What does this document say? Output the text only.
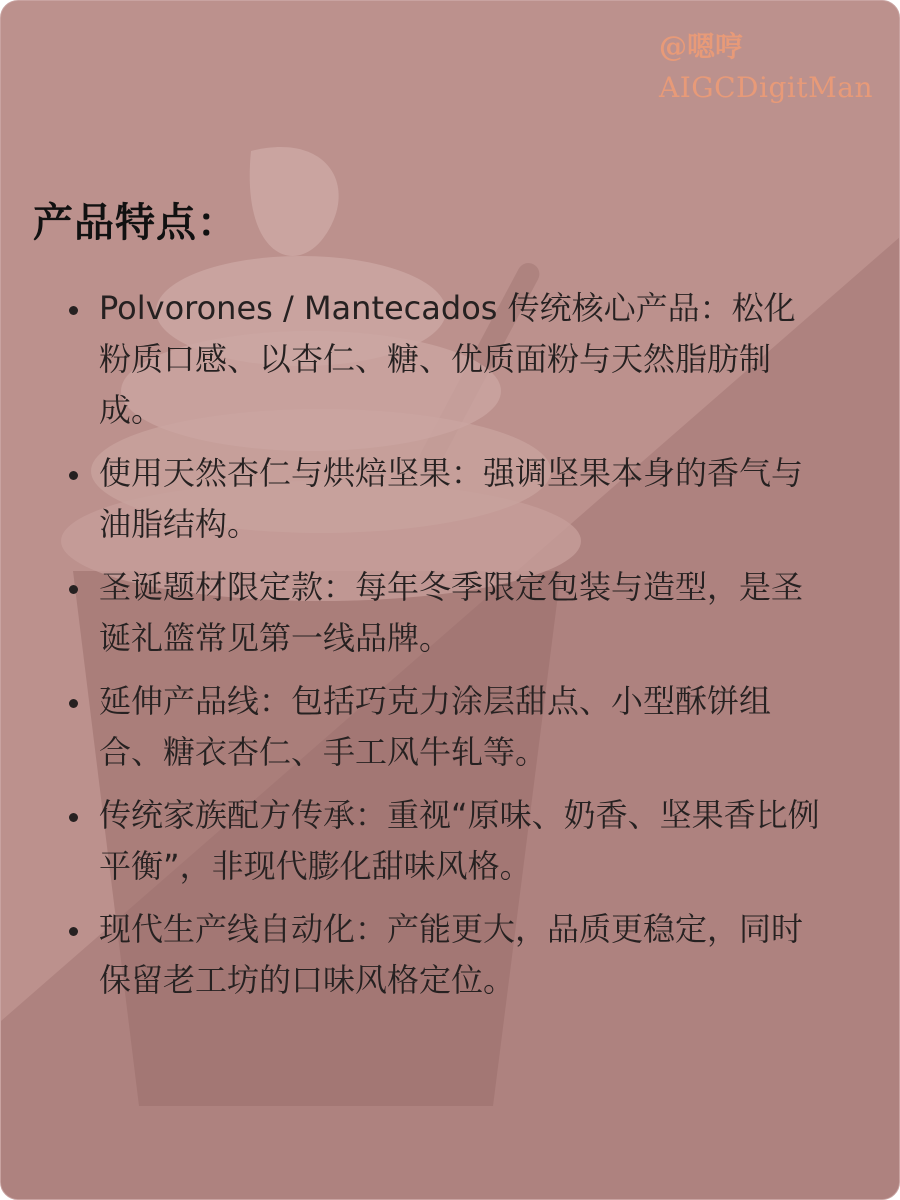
@嗯哼
AIGCDigitMan
产品特点：
Polvorones / Mantecados 传统核心产品：松化粉质口感、以杏仁、糖、优质面粉与天然脂肪制成。
使用天然杏仁与烘焙坚果：强调坚果本身的香气与油脂结构。
圣诞题材限定款：每年冬季限定包装与造型，是圣诞礼篮常见第一线品牌。
延伸产品线：包括巧克力涂层甜点、小型酥饼组合、糖衣杏仁、手工风牛轧等。
传统家族配方传承：重视“原味、奶香、坚果香比例平衡”，非现代膨化甜味风格。
现代生产线自动化：产能更大，品质更稳定，同时保留老工坊的口味风格定位。
